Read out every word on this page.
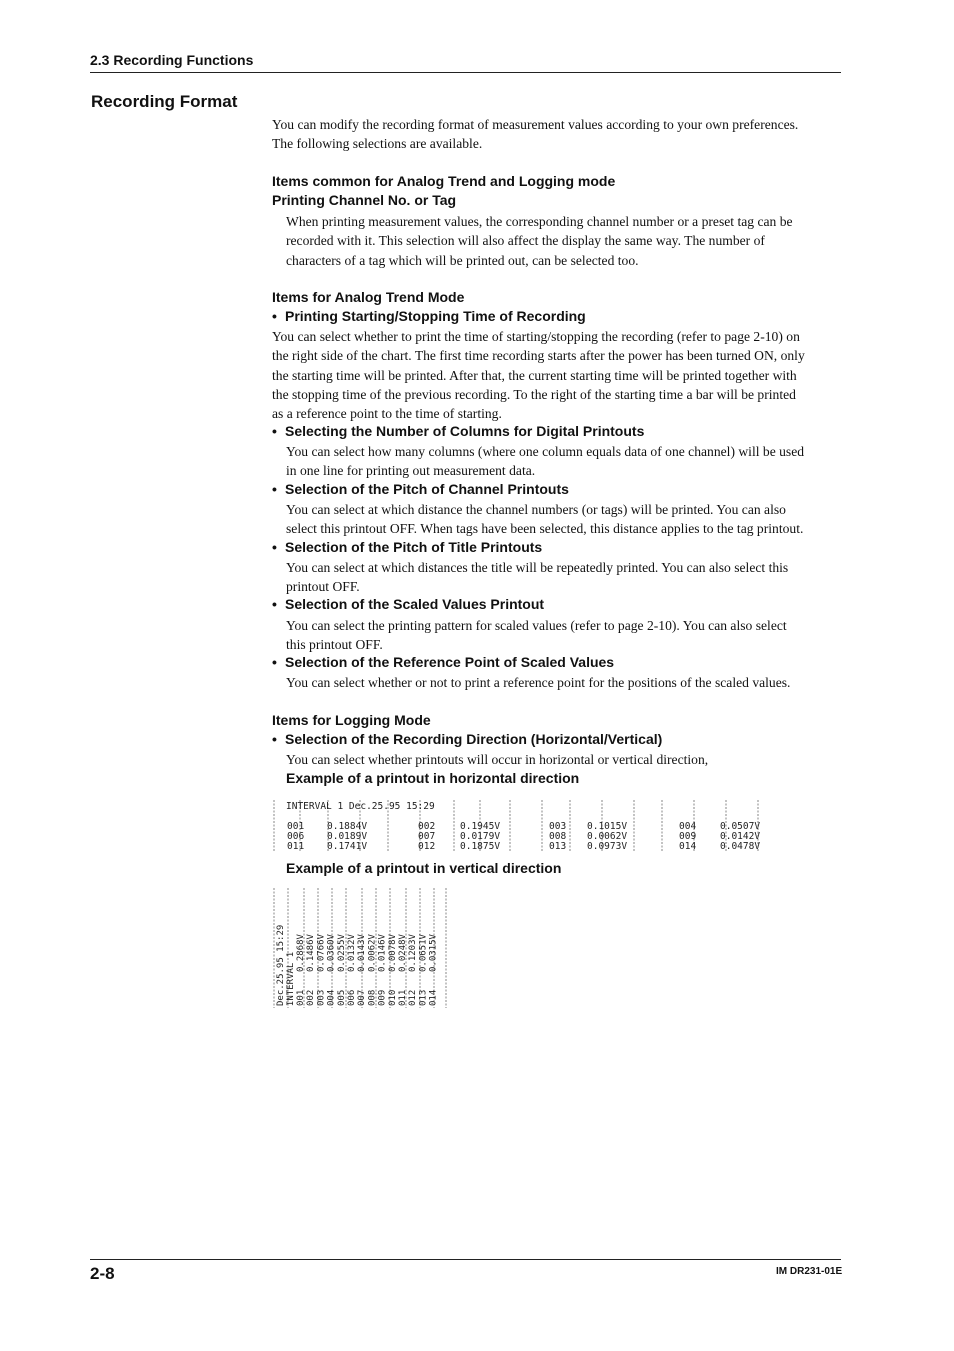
2.3 Recording Functions
Recording Format
You can modify the recording format of measurement values according to your own preferences.
The following selections are available.
Items common for Analog Trend and Logging mode
Printing Channel No. or Tag
When printing measurement values, the corresponding channel number or a preset tag can be
recorded with it. This selection will also affect the display the same way. The number of
characters of a tag which will be printed out, can be selected too.
Items for Analog Trend Mode
• Printing Starting/Stopping Time of Recording
You can select whether to print the time of starting/stopping the recording (refer to page 2-10) on
the right side of the chart. The first time recording starts after the power has been turned ON, only
the starting time will be printed. After that, the current starting time will be printed together with
the stopping time of the previous recording. To the right of the starting time a bar will be printed
as a reference point to the time of starting.
• Selecting the Number of Columns for Digital Printouts
You can select how many columns (where one column equals data of one channel) will be used
in one line for printing out measurement data.
• Selection of the Pitch of Channel Printouts
You can select at which distance the channel numbers (or tags) will be printed. You can also
select this printout OFF. When tags have been selected, this distance applies to the tag printout.
• Selection of the Pitch of Title Printouts
You can select at which distances the title will be repeatedly printed. You can also select this
printout OFF.
• Selection of the Scaled Values Printout
You can select the printing pattern for scaled values (refer to page 2-10). You can also select
this printout OFF.
• Selection of the Reference Point of Scaled Values
You can select whether or not to print a reference point for the positions of the scaled values.
Items for Logging Mode
• Selection of the Recording Direction (Horizontal/Vertical)
You can select whether printouts will occur in horizontal or vertical direction,
Example of a printout in horizontal direction
INTERVAL 1 Dec.25.95 15:29
001 0.1884V	002	0.1945V	003 0.1015V	004	0.0507V
006 0.0189V	007	0.0179V	008 0.0062V	009	0.0142V
011 0.1741V	012	0.1875V	013 0.0973V	014	0.0478V
Example of a printout in vertical direction
Dec.25.95 15:29 INTERVAL 1 001
0.2868V
002
0.1486V
003
0.0766V
004
0.0360V
005
0.0255V
006
0.0132V
007
0.0143V
008
0.0062V
009
0.0146V
010
0.0078V
011
0.0248V
012
0.1203V
013
0.0651V
014
0.0315V
2-8	IM DR231-01E
